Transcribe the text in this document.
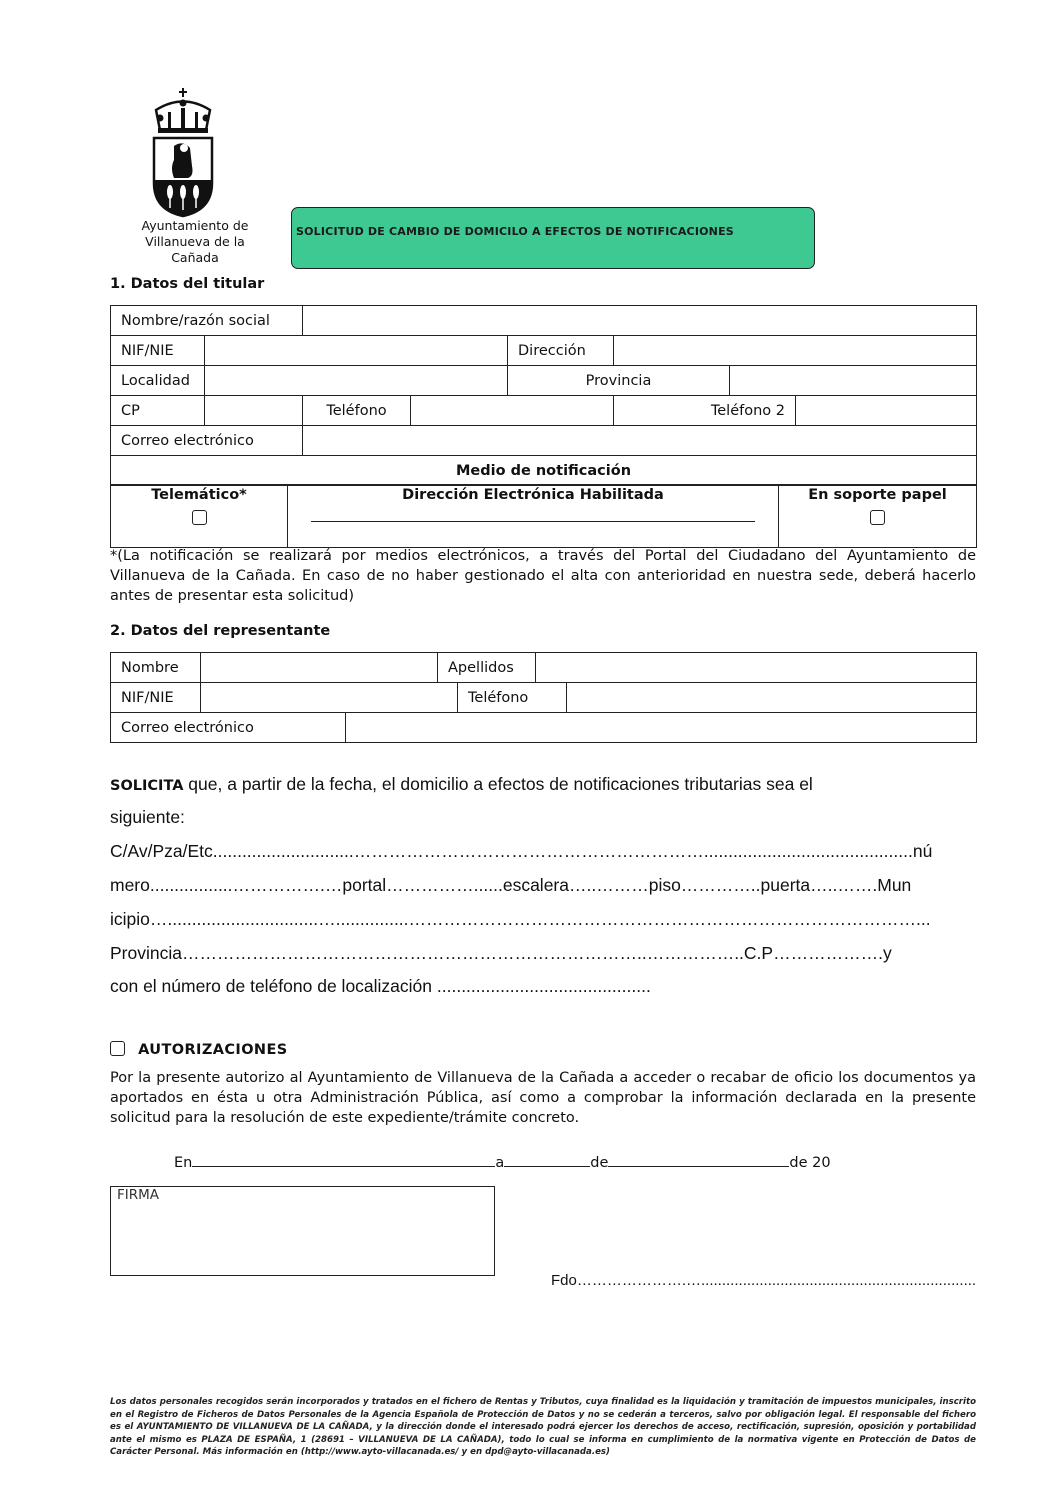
Ayuntamiento de
Villanueva de la Cañada
SOLICITUD DE CAMBIO DE DOMICILO A EFECTOS DE NOTIFICACIONES
1. Datos del titular
Nombre/razón social							
NIF/NIE				Dirección			
Localidad				Provincia			
CP		Teléfono			Teléfono 2		
Correo electrónico							
Medio de notificación							
Telemático*	Dirección Electrónica Habilitada	En soporte papel
*(La notificación se realizará por medios electrónicos, a través del Portal del Ciudadano del Ayuntamiento de Villanueva de la Cañada. En caso de no haber gestionado el alta con anterioridad en nuestra sede, deberá hacerlo antes de presentar esta solicitud)
2. Datos del representante
Nombre			Apellidos			
NIF/NIE				Teléfono		
Correo electrónico						
SOLICITA que, a partir de la fecha, el domicilio a efectos de notificaciones tributarias sea el
siguiente:
C/Av/Pza/Etc.............................……………………………………………………...........................................nú
mero.................…………….…portal……………......escalera…..………piso…………..puerta…..…….Mun
icipio…...............................…...............……………………………………………………………………………...
Provincia……………………………………………………………………..……………..C.P……………….y
con el número de teléfono de localización ............................................
AUTORIZACIONES
Por la presente autorizo al Ayuntamiento de Villanueva de la Cañada a acceder o recabar de oficio los documentos ya aportados en ésta u otra Administración Pública, así como a comprobar la información declarada en la presente solicitud para la resolución de este expediente/trámite concreto.
En	a	de	de 20
FIRMA
Fdo………………….…..................................................................
Los datos personales recogidos serán incorporados y tratados en el fichero de Rentas y Tributos, cuya finalidad es la liquidación y tramitación de impuestos municipales, inscrito en el Registro de Ficheros de Datos Personales de la Agencia Española de Protección de Datos y no se cederán a terceros, salvo por obligación legal. El responsable del fichero es el AYUNTAMIENTO DE VILLANUEVA DE LA CAÑADA, y la dirección donde el interesado podrá ejercer los derechos de acceso, rectificación, supresión, oposición y portabilidad ante el mismo es PLAZA DE ESPAÑA, 1 (28691 – VILLANUEVA DE LA CAÑADA), todo lo cual se informa en cumplimiento de la normativa vigente en Protección de Datos de Carácter Personal. Más información en (http://www.ayto-villacanada.es/ y en dpd@ayto-villacanada.es)
